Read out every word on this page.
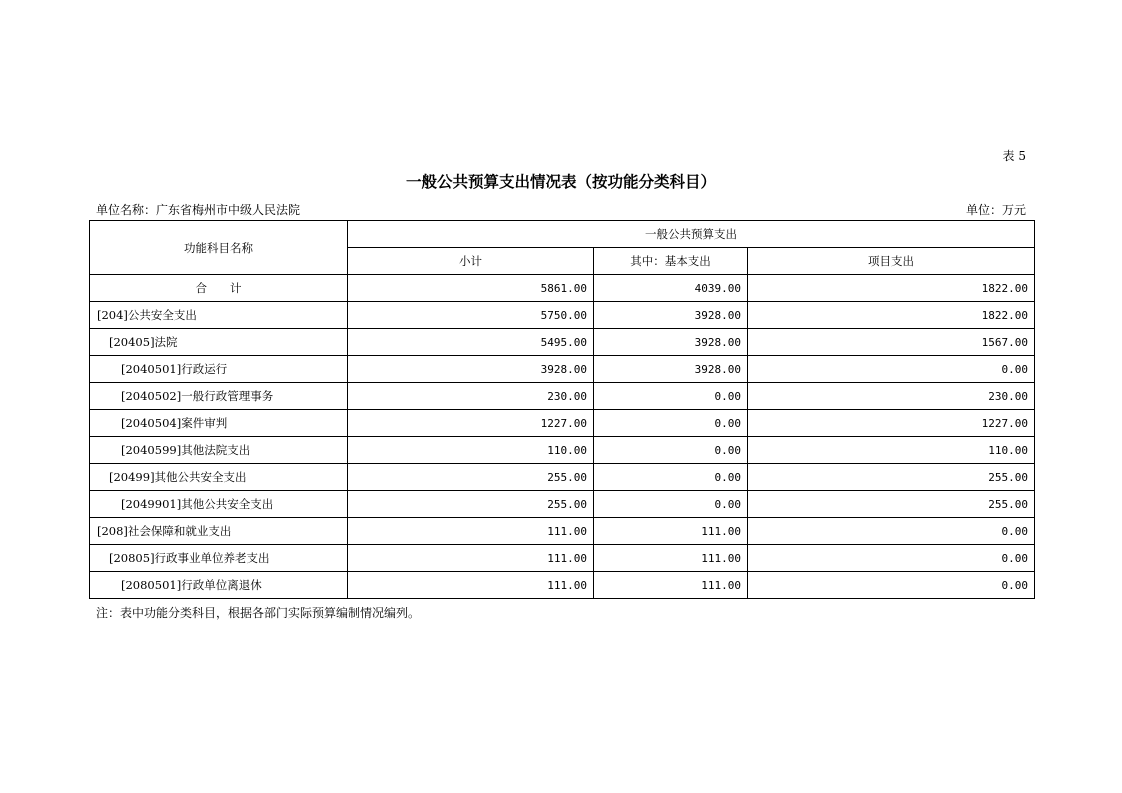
表 5
一般公共预算支出情况表（按功能分类科目）
单位名称：广东省梅州市中级人民法院	单位：万元
功能科目名称	一般公共预算支出		
	小计	其中：基本支出	项目支出
合　　计	5861.00	4039.00	1822.00
[204]公共安全支出	5750.00	3928.00	1822.00
[20405]法院	5495.00	3928.00	1567.00
[2040501]行政运行	3928.00	3928.00	0.00
[2040502]一般行政管理事务	230.00	0.00	230.00
[2040504]案件审判	1227.00	0.00	1227.00
[2040599]其他法院支出	110.00	0.00	110.00
[20499]其他公共安全支出	255.00	0.00	255.00
[2049901]其他公共安全支出	255.00	0.00	255.00
[208]社会保障和就业支出	111.00	111.00	0.00
[20805]行政事业单位养老支出	111.00	111.00	0.00
[2080501]行政单位离退休	111.00	111.00	0.00
注：表中功能分类科目，根据各部门实际预算编制情况编列。
